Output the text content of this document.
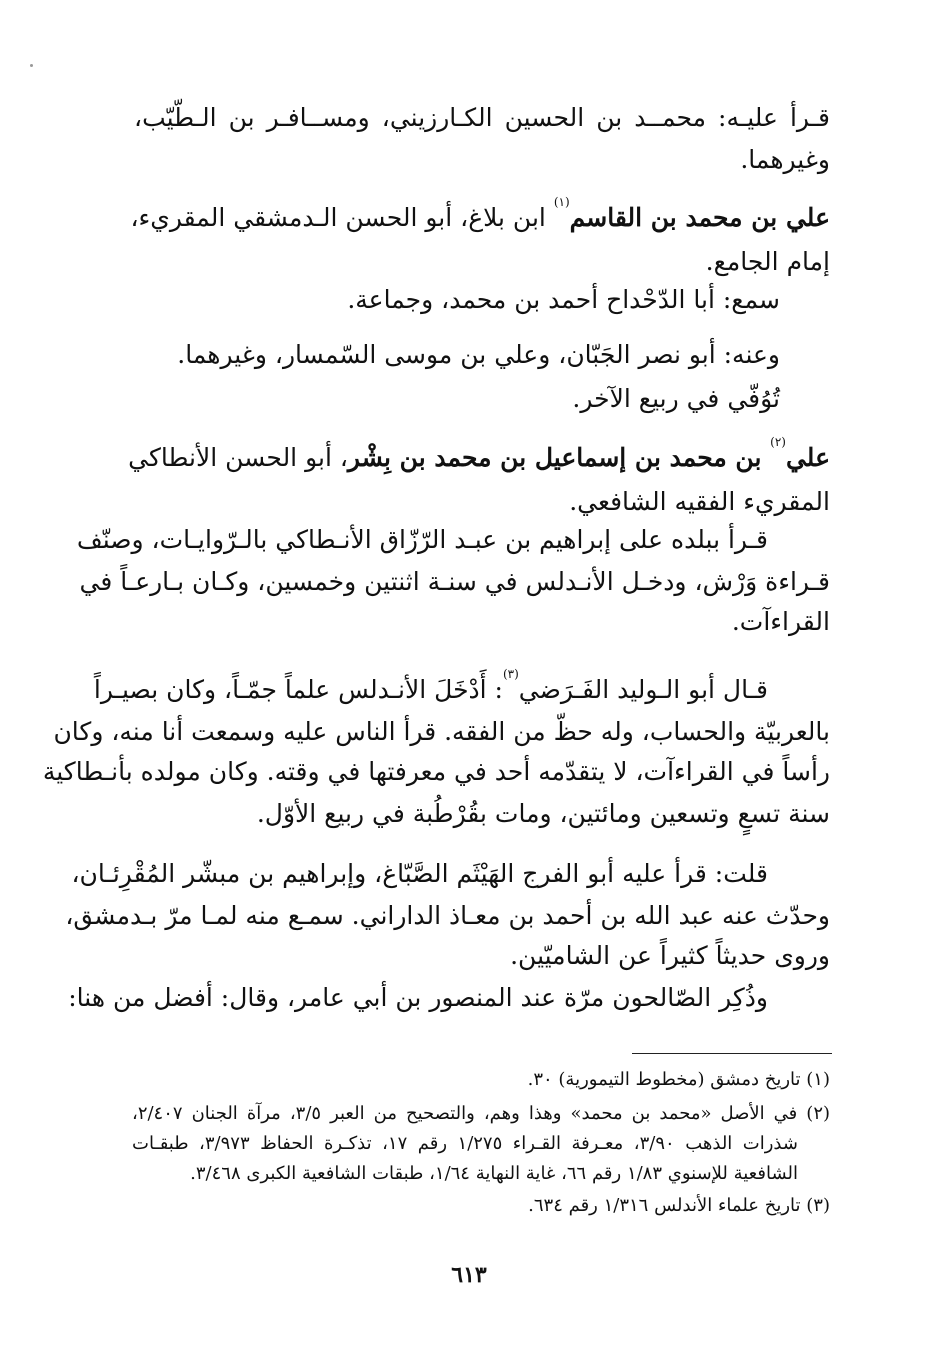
قـرأ عليـه: محمــد بن الحسين الكـارزيني، ومســافـر بن الـطّيّب،
وغيرهما.
علي بن محمد بن القاسم$^{(١)}$ ابن بلاغ، أبو الحسن الـدمشقي المقريء،
إمام الجامع.
سمع: أبا الدّحْداح أحمد بن محمد، وجماعة.
وعنه: أبو نصر الجَبّان، وعلي بن موسى السّمسار، وغيرهما.
تُوُفّي في ربيع الآخر.
علي$^{(٢)}$ بن محمد بن إسماعيل بن محمد بن بِشْر، أبو الحسن الأنطاكي
المقريء الفقيه الشافعي.
قـرأ ببلده على إبراهيم بن عبـد الرّزّاق الأنـطاكي بالـرّوايـات، وصنّف
قـراءة وَرْش، ودخـل الأنـدلس في سنـة اثنتين وخمسين، وكـان بـارعـاً في
القراءآت.
قـال أبو الـوليد الفَـرَضي$^{(٣)}$: أَدْخَلَ الأنـدلس علماً جمّـاً، وكان بصيـراً
بالعربيّة والحساب، وله حظّ من الفقه. قرأ الناس عليه وسمعت أنا منه، وكان
رأساً في القراءآت، لا يتقدّمه أحد في معرفتها في وقته. وكان مولده بأنـطاكية
سنة تسعٍ وتسعين ومائتين، ومات بقُرْطُبة في ربيع الأوّل.
قلت: قرأ عليه أبو الفرج الهَيْثَم الصَّبّاغ، وإبراهيم بن مبشّر المُقْرِئـان،
وحدّث عنه عبد الله بن أحمد بن معـاذ الداراني. سمـع منه لمـا مرّ بـدمشق،
وروى حديثاً كثيراً عن الشاميّين.
وذُكِر الصّالحون مرّة عند المنصور بن أبي عامر، وقال: أفضل من هنا:
(١) تاريخ دمشق (مخطوط التيمورية) ٣٠.
(٢) في الأصل «محمد بن محمد» وهذا وهم، والتصحيح من العبر ٣/٥، مرآة الجنان ٢/٤٠٧،
شذرات الذهب ٣/٩٠، معـرفة القـراء ١/٢٧٥ رقم ١٧، تذكـرة الحفاظ ٣/٩٧٣، طبقـات
الشافعية للإسنوي ١/٨٣ رقم ٦٦، غاية النهاية ١/٦٤، طبقات الشافعية الكبرى ٣/٤٦٨.
(٣) تاريخ علماء الأندلس ١/٣١٦ رقم ٦٣٤.
٦١٣
